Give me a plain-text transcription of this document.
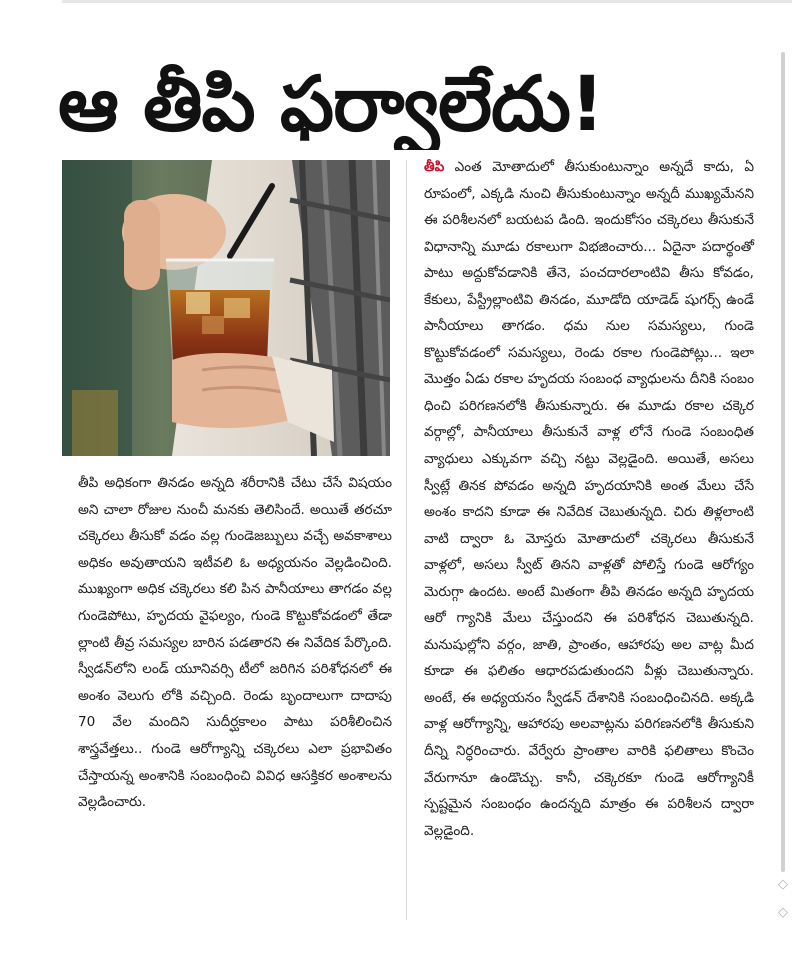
ఆ తీపి ఫర్వాలేదు!
తీపి ఎంత మోతాదులో తీసుకుంటున్నాం అన్నదే కాదు, ఏ రూపంలో, ఎక్కడి నుంచి తీసుకుంటున్నాం అన్నదీ ముఖ్యమేనని ఈ పరిశీలనలో బయటప డింది. ఇందుకోసం చక్కెరలు తీసుకునే విధానాన్ని మూడు రకాలుగా విభజించారు... ఏదైనా పదార్థంతో పాటు అద్దుకోవడానికి తేనె, పంచదారలాంటివి తీసు కోవడం, కేకులు, పేస్ట్రీల్లాంటివి తినడం, మూడోది యాడెడ్‌ షుగర్స్‌ ఉండే పానీయాలు తాగడం. ధమ నుల సమస్యలు, గుండె కొట్టుకోవడంలో సమస్యలు, రెండు రకాల గుండెపోట్లు... ఇలా మొత్తం ఏడు రకాల హృదయ సంబంధ వ్యాధులను దీనికి సంబం ధించి పరిగణనలోకి తీసుకున్నారు. ఈ మూడు రకాల చక్కెర వర్గాల్లో, పానీయాలు తీసుకునే వాళ్ల లోనే గుండె సంబంధిత వ్యాధులు ఎక్కువగా వచ్చి నట్టు వెల్లడైంది. అయితే, అసలు స్వీట్లే తినక పోవడం అన్నది హృదయానికి అంత మేలు చేసే అంశం కాదని కూడా ఈ నివేదిక చెబుతున్నది. చిరు తిళ్లలాంటి వాటి ద్వారా ఓ మోస్తరు మోతాదులో చక్కెరలు తీసుకునే వాళ్లలో, అసలు స్వీట్‌ తినని వాళ్లతో పోలిస్తే గుండె ఆరోగ్యం మెరుగ్గా ఉందట. అంటే మితంగా తీపి తినడం అన్నది హృదయ ఆరో గ్యానికి మేలు చేస్తుందని ఈ పరిశోధన చెబుతున్నది. మనుషుల్లోని వర్గం, జాతి, ప్రాంతం, ఆహారపు అల వాట్ల మీద కూడా ఈ ఫలితం ఆధారపడుతుందని వీళ్లు చెబుతున్నారు. అంటే, ఈ అధ్యయనం స్వీడన్‌ దేశానికి సంబంధించినది. అక్కడి వాళ్ల ఆరోగ్యాన్ని, ఆహారపు అలవాట్లను పరిగణనలోకి తీసుకుని దీన్ని నిర్ధరించారు. వేర్వేరు ప్రాంతాల వారికి ఫలితాలు కొంచెం వేరుగానూ ఉండొచ్చు. కానీ, చక్కెరకూ గుండె ఆరోగ్యానికీ స్పష్టమైన సంబంధం ఉందన్నది మాత్రం ఈ పరిశీలన ద్వారా వెల్లడైంది.
తీపి అధికంగా తినడం అన్నది శరీరానికి చేటు చేసే విషయం అని చాలా రోజుల నుంచీ మనకు తెలిసిందే. అయితే తరచూ చక్కెరలు తీసుకో వడం వల్ల గుండెజబ్బులు వచ్చే అవకాశాలు అధికం అవుతాయని ఇటీవలి ఓ అధ్యయనం వెల్లడించింది. ముఖ్యంగా అధిక చక్కెరలు కలి పిన పానీయాలు తాగడం వల్ల గుండెపోటు, హృదయ వైఫల్యం, గుండె కొట్టుకోవడంలో తేడా ల్లాంటి తీవ్ర సమస్యల బారిన పడతారని ఈ నివేదిక పేర్కొంది. స్వీడన్‌లోని లండ్‌ యూనివర్సి టీలో జరిగిన పరిశోధనలో ఈ అంశం వెలుగు లోకి వచ్చింది. రెండు బృందాలుగా దాదాపు 70 వేల మందిని సుదీర్ఘకాలం పాటు పరిశీలించిన శాస్త్రవేత్తలు.. గుండె ఆరోగ్యాన్ని చక్కెరలు ఎలా ప్రభావితం చేస్తాయన్న అంశానికి సంబంధించి వివిధ ఆసక్తికర అంశాలను వెల్లడించారు.
◇
◇
